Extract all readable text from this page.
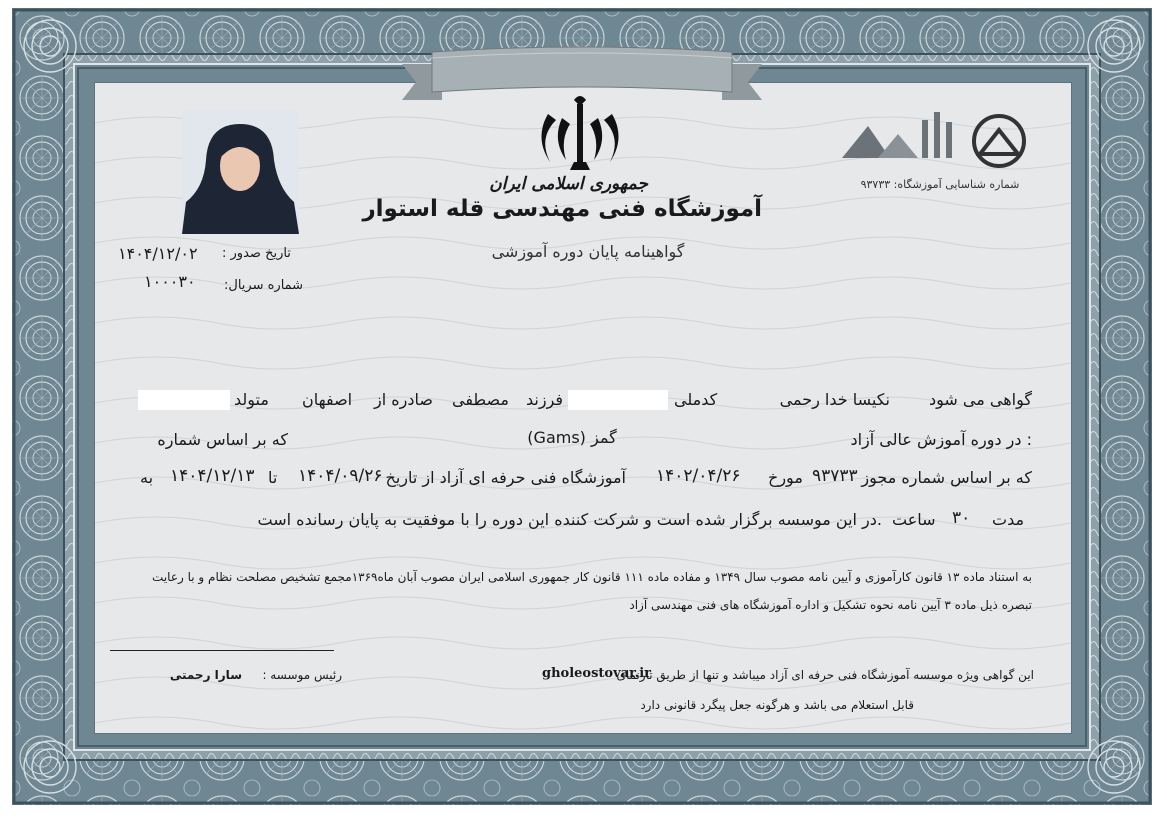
جمهوری اسلامی ایران
آموزشگاه فنی مهندسی قله استوار
گواهینامه پایان دوره آموزشی
شماره شناسایی آموزشگاه: ۹۳۷۳۳
تاریخ صدور :
۱۴۰۴/۱۲/۰۲
شماره سریال:
۱۰۰۰۳۰
گواهی می شود
نکیسا خدا رحمی
کدملی
فرزند
مصطفی
صادره از
اصفهان
متولد
: در دوره آموزش عالی آزاد
گمز (Gams)
که بر اساس شماره
که بر اساس شماره مجوز
۹۳۷۳۳
مورخ
۱۴۰۲/۰۴/۲۶
آموزشگاه فنی حرفه ای آزاد از تاریخ
۱۴۰۴/۰۹/۲۶
تا
۱۴۰۴/۱۲/۱۳
به
مدت
۳۰
ساعت
.در این موسسه برگزار شده است و شرکت کننده این دوره را با موفقیت به پایان رسانده است
به استناد ماده ۱۳ قانون کارآموزی و آیین نامه مصوب سال ۱۳۴۹ و مفاده ماده ۱۱۱ قانون کار جمهوری اسلامی ایران مصوب آبان ماه۱۳۶۹مجمع تشخیص مصلحت نظام و با رعایت
تبصره ذیل ماده ۳ آیین نامه نحوه تشکیل و اداره آموزشگاه های فنی مهندسی آزاد
این گواهی ویژه موسسه آموزشگاه فنی حرفه ای آزاد میباشد و تنها از طریق تارنمای
gholeostovar.ir
قابل استعلام می باشد و هرگونه جعل پیگرد قانونی دارد
رئیس موسسه :
سارا رحمتی
